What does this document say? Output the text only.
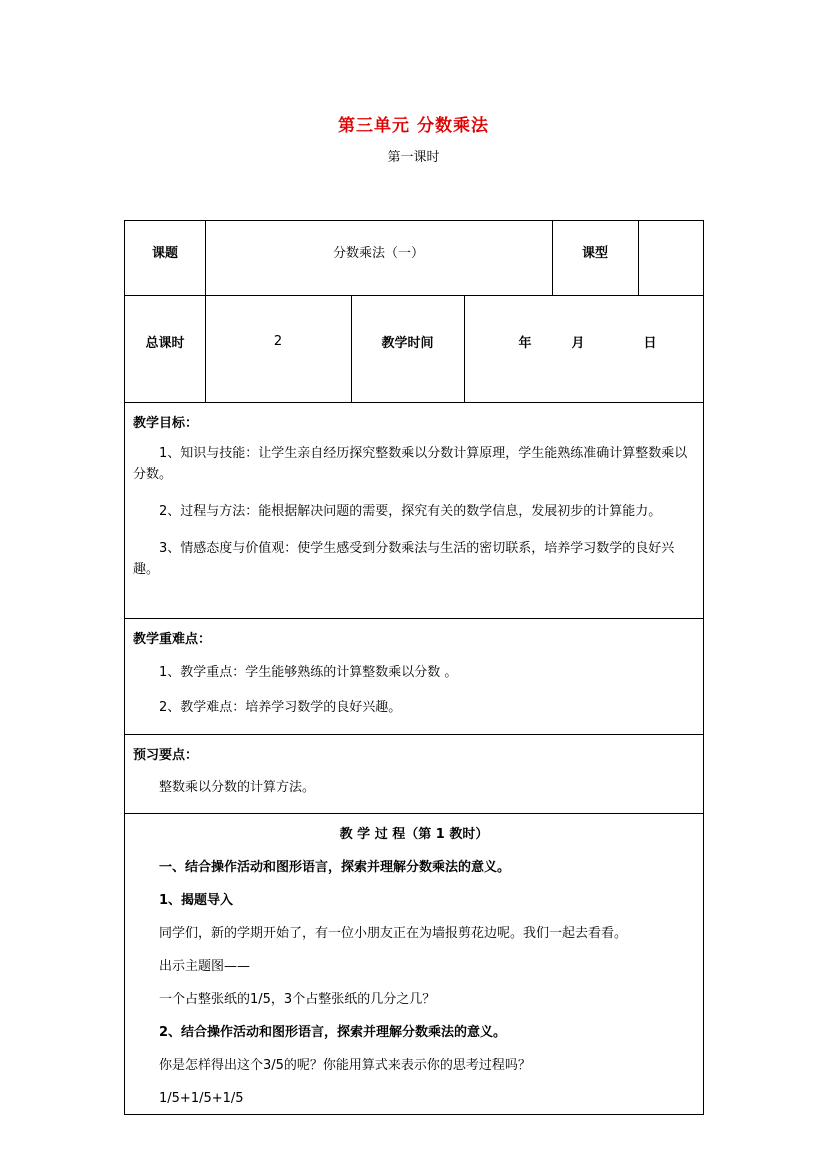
第三单元 分数乘法
第一课时
课题	分数乘法（一）	课型
总课时	2	教学时间	年	月	日

教学目标：

1、知识与技能：让学生亲自经历探究整数乘以分数计算原理，学生能熟练准确计算整数乘以分数。

2、过程与方法：能根据解决问题的需要，探究有关的数学信息，发展初步的计算能力。

3、情感态度与价值观：使学生感受到分数乘法与生活的密切联系，培养学习数学的良好兴趣。

教学重难点：

1、教学重点：学生能够熟练的计算整数乘以分数 。

2、教学难点：培养学习数学的良好兴趣。

预习要点：

整数乘以分数的计算方法。

教 学 过 程（第 1 教时）

一、结合操作活动和图形语言，探索并理解分数乘法的意义。

1、揭题导入

同学们，新的学期开始了，有一位小朋友正在为墙报剪花边呢。我们一起去看看。

出示主题图——

一个占整张纸的1/5，3个占整张纸的几分之几？

2、结合操作活动和图形语言，探索并理解分数乘法的意义。

你是怎样得出这个3/5的呢？你能用算式来表示你的思考过程吗？

1/5+1/5+1/5
